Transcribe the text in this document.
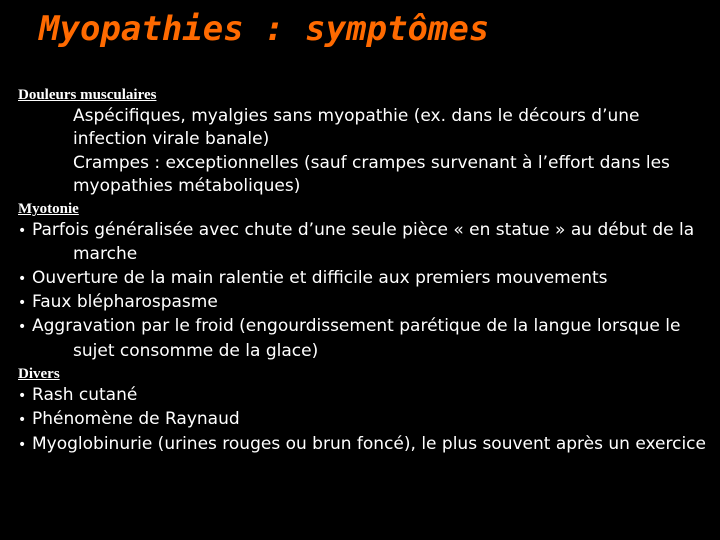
Myopathies : symptômes
Douleurs musculaires
Aspécifiques, myalgies sans myopathie (ex. dans le décours d’une infection virale banale)
Crampes : exceptionnelles (sauf crampes survenant à l’effort dans les myopathies métaboliques)
Myotonie
• Parfois généralisée avec chute d’une seule pièce « en statue » au début de la marche
• Ouverture de la main ralentie et difficile aux premiers mouvements
• Faux blépharospasme
• Aggravation par le froid (engourdissement parétique de la langue lorsque le sujet consomme de la glace)
Divers
• Rash cutané
• Phénomène de Raynaud
• Myoglobinurie (urines rouges ou brun foncé), le plus souvent après un exercice
